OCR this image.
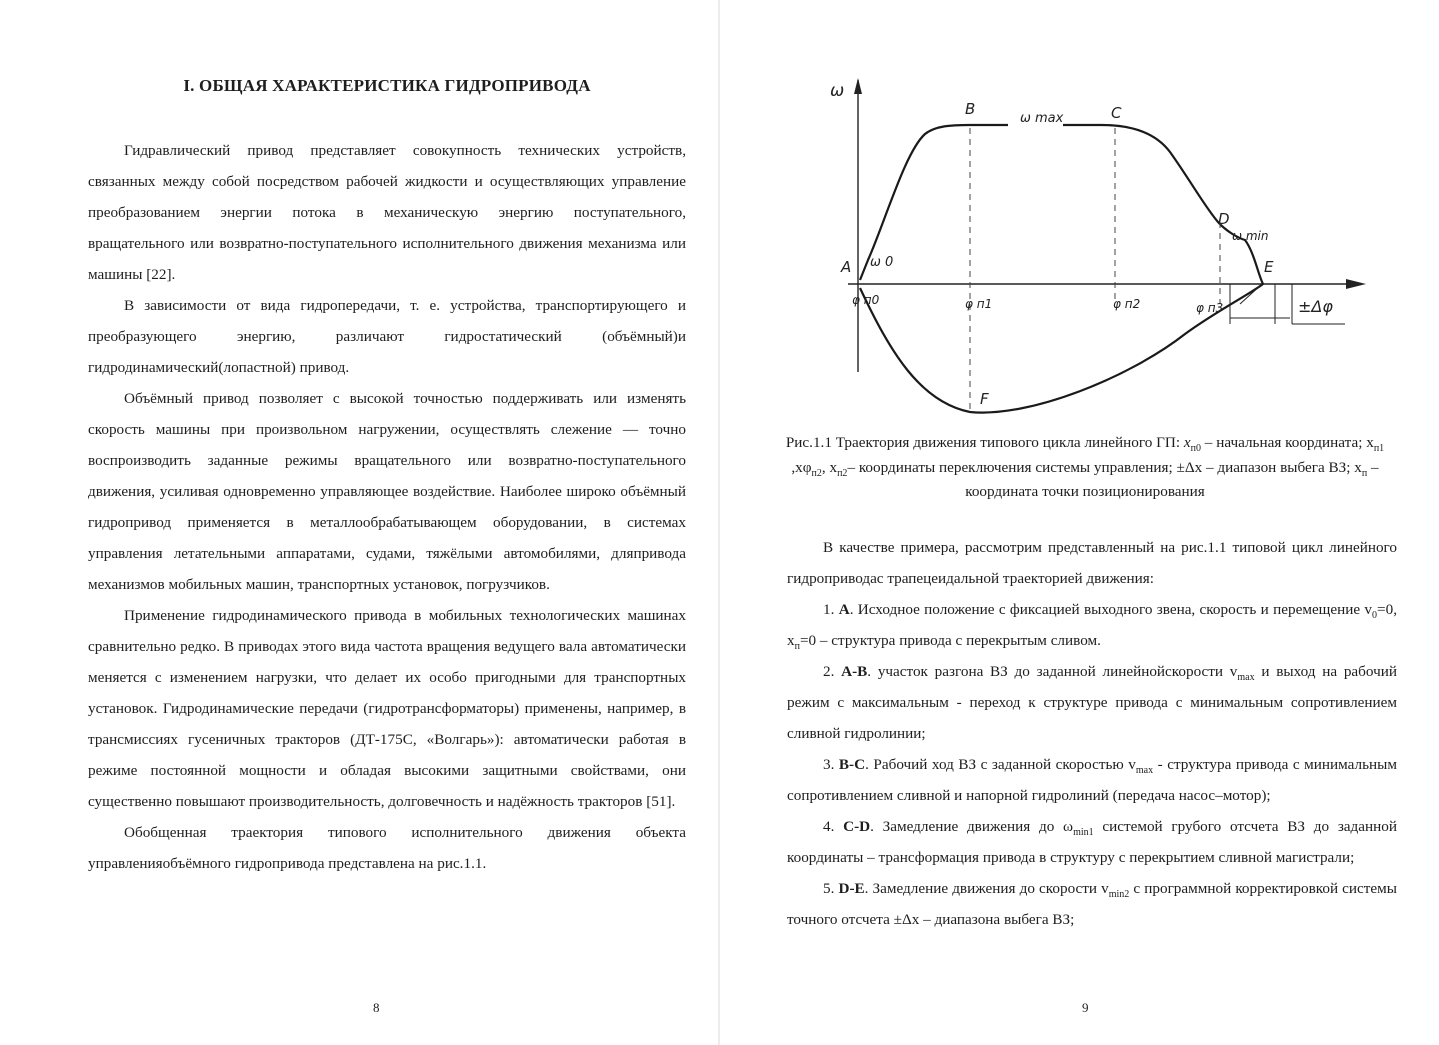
I. ОБЩАЯ ХАРАКТЕРИСТИКА ГИДРОПРИВОДА

Гидравлический привод представляет совокупность технических устройств, связанных между собой посредством рабочей жидкости и осуществляющих управление преобразованием энергии потока в механическую энергию поступательного, вращательного или возвратно-поступательного исполнительного движения механизма или машины [22].

В зависимости от вида гидропередачи, т. е. устройства, транспортирующего и преобразующего энергию, различают гидростатический (объёмный)и гидродинамический(лопастной) привод.

Объёмный привод позволяет с высокой точностью поддерживать или изменять скорость машины при произвольном нагружении, осуществлять слежение — точно воспроизводить заданные режимы вращательного или возвратно-поступательного движения, усиливая одновременно управляющее воздействие. Наиболее широко объёмный гидропривод применяется в металлообрабатывающем оборудовании, в системах управления летательными аппаратами, судами, тяжёлыми автомобилями, дляпривода механизмов мобильных машин, транспортных установок, погрузчиков.

Применение гидродинамического привода в мобильных технологических машинах сравнительно редко. В приводах этого вида частота вращения ведущего вала автоматически меняется с изменением нагрузки, что делает их особо пригодными для транспортных установок. Гидродинамические передачи (гидротрансформаторы) применены, например, в трансмиссиях гусеничных тракторов (ДТ-175С, «Волгарь»): автоматически работая в режиме постоянной мощности и обладая высокими защитными свойствами, они существенно повышают производительность, долговечность и надёжность тракторов [51].

Обобщенная траектория типового исполнительного движения объекта управленияобъёмного гидропривода представлена на рис.1.1.

8
ω
B
ω max	C
D
ω min
A ω 0	E
F
φ п0	φ п1	φ п2	φ п3	±Δφ
Рис.1.1 Траектория движения типового цикла линейного ГП: $x_{п0}$ – начальная координата; $x_{п1}$ $,x\varphi_{п2}$, $x_{п2}-$ координаты переключения системы управления; ±Δx – диапазон выбега ВЗ; $x_п$ – координата точки позиционирования

В качестве примера, рассмотрим представленный на рис.1.1 типовой цикл линейного гидроприводас трапецеидальной траекторией движения:

1. A. Исходное положение с фиксацией выходного звена, скорость и перемещение $v_0=0$, $x_п=0$ – структура привода с перекрытым сливом.

2. A-B. участок разгона ВЗ до заданной линейнойскорости $v_{max}$ и выход на рабочий режим с максимальным - переход к структуре привода с минимальным сопротивлением сливной гидролинии;

3. B-C. Рабочий ход ВЗ с заданной скоростью $v_{max}$ - структура привода с минимальным сопротивлением сливной и напорной гидролиний (передача насос–мотор);

4. C-D. Замедление движения до $\omega_{min1}$ системой грубого отсчета ВЗ до заданной координаты – трансформация привода в структуру с перекрытием сливной магистрали;

5. D-E. Замедление движения до скорости $v_{min2}$ с программной корректировкой системы точного отсчета ±Δx – диапазона выбега ВЗ;

9
